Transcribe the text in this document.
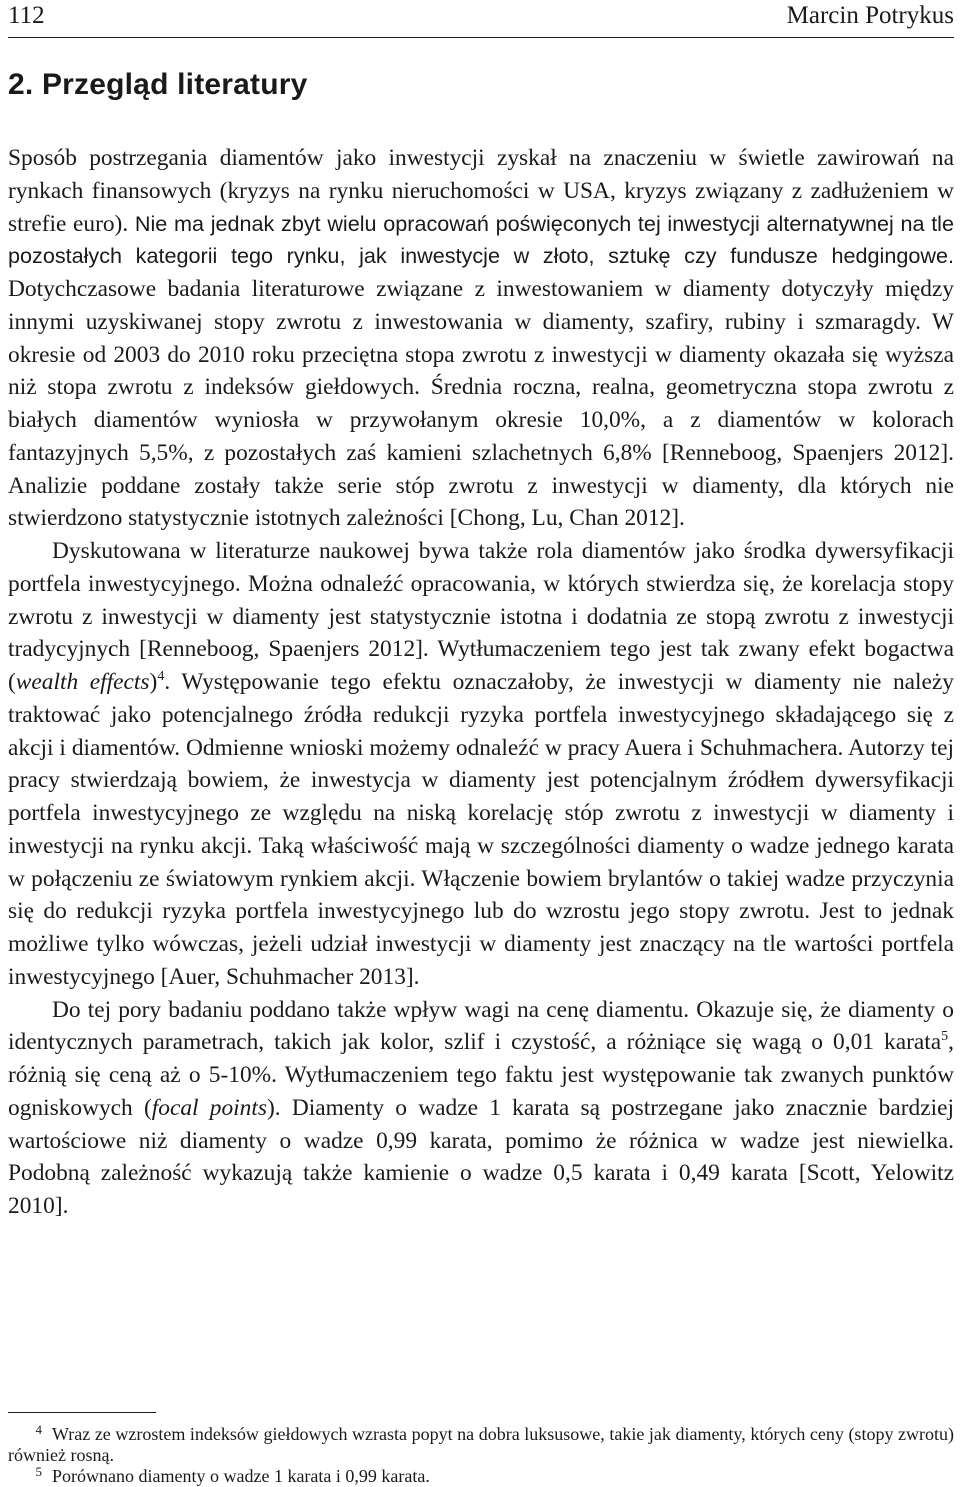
112	Marcin Potrykus
2. Przegląd literatury

Sposób postrzegania diamentów jako inwestycji zyskał na znaczeniu w świetle zawirowań na rynkach finansowych (kryzys na rynku nieruchomości w USA, kryzys związany z zadłużeniem w strefie euro). Nie ma jednak zbyt wielu opracowań poświęconych tej inwestycji alternatywnej na tle pozostałych kategorii tego rynku, jak inwestycje w złoto, sztukę czy fundusze hedgingowe. Dotychczasowe badania literaturowe związane z inwestowaniem w diamenty dotyczyły między innymi uzyskiwanej stopy zwrotu z inwestowania w diamenty, szafiry, rubiny i szmaragdy. W okresie od 2003 do 2010 roku przeciętna stopa zwrotu z inwestycji w diamenty okazała się wyższa niż stopa zwrotu z indeksów giełdowych. Średnia roczna, realna, geometryczna stopa zwrotu z białych diamentów wyniosła w przywołanym okresie 10,0%, a z diamentów w kolorach fantazyjnych 5,5%, z pozostałych zaś kamieni szlachetnych 6,8% [Renneboog, Spaenjers 2012]. Analizie poddane zostały także serie stóp zwrotu z inwestycji w diamenty, dla których nie stwierdzono statystycznie istotnych zależności [Chong, Lu, Chan 2012].

Dyskutowana w literaturze naukowej bywa także rola diamentów jako środka dywersyfikacji portfela inwestycyjnego. Można odnaleźć opracowania, w których stwierdza się, że korelacja stopy zwrotu z inwestycji w diamenty jest statystycznie istotna i dodatnia ze stopą zwrotu z inwestycji tradycyjnych [Renneboog, Spaenjers 2012]. Wytłumaczeniem tego jest tak zwany efekt bogactwa (wealth effects)$^4$. Występowanie tego efektu oznaczałoby, że inwestycji w diamenty nie należy traktować jako potencjalnego źródła redukcji ryzyka portfela inwestycyjnego składającego się z akcji i diamentów. Odmienne wnioski możemy odnaleźć w pracy Auera i Schuhmachera. Autorzy tej pracy stwierdzają bowiem, że inwestycja w diamenty jest potencjalnym źródłem dywersyfikacji portfela inwestycyjnego ze względu na niską korelację stóp zwrotu z inwestycji w diamenty i inwestycji na rynku akcji. Taką właściwość mają w szczególności diamenty o wadze jednego karata w połączeniu ze światowym rynkiem akcji. Włączenie bowiem brylantów o takiej wadze przyczynia się do redukcji ryzyka portfela inwestycyjnego lub do wzrostu jego stopy zwrotu. Jest to jednak możliwe tylko wówczas, jeżeli udział inwestycji w diamenty jest znaczący na tle wartości portfela inwestycyjnego [Auer, Schuhmacher 2013].

Do tej pory badaniu poddano także wpływ wagi na cenę diamentu. Okazuje się, że diamenty o identycznych parametrach, takich jak kolor, szlif i czystość, a różniące się wagą o 0,01 karata$^5$, różnią się ceną aż o 5-10%. Wytłumaczeniem tego faktu jest występowanie tak zwanych punktów ogniskowych (focal points). Diamenty o wadze 1 karata są postrzegane jako znacznie bardziej wartościowe niż diamenty o wadze 0,99 karata, pomimo że różnica w wadze jest niewielka. Podobną zależność wykazują także kamienie o wadze 0,5 karata i 0,49 karata [Scott, Yelowitz 2010].

4 Wraz ze wzrostem indeksów giełdowych wzrasta popyt na dobra luksusowe, takie jak diamenty, których ceny (stopy zwrotu) również rosną.

5 Porównano diamenty o wadze 1 karata i 0,99 karata.
